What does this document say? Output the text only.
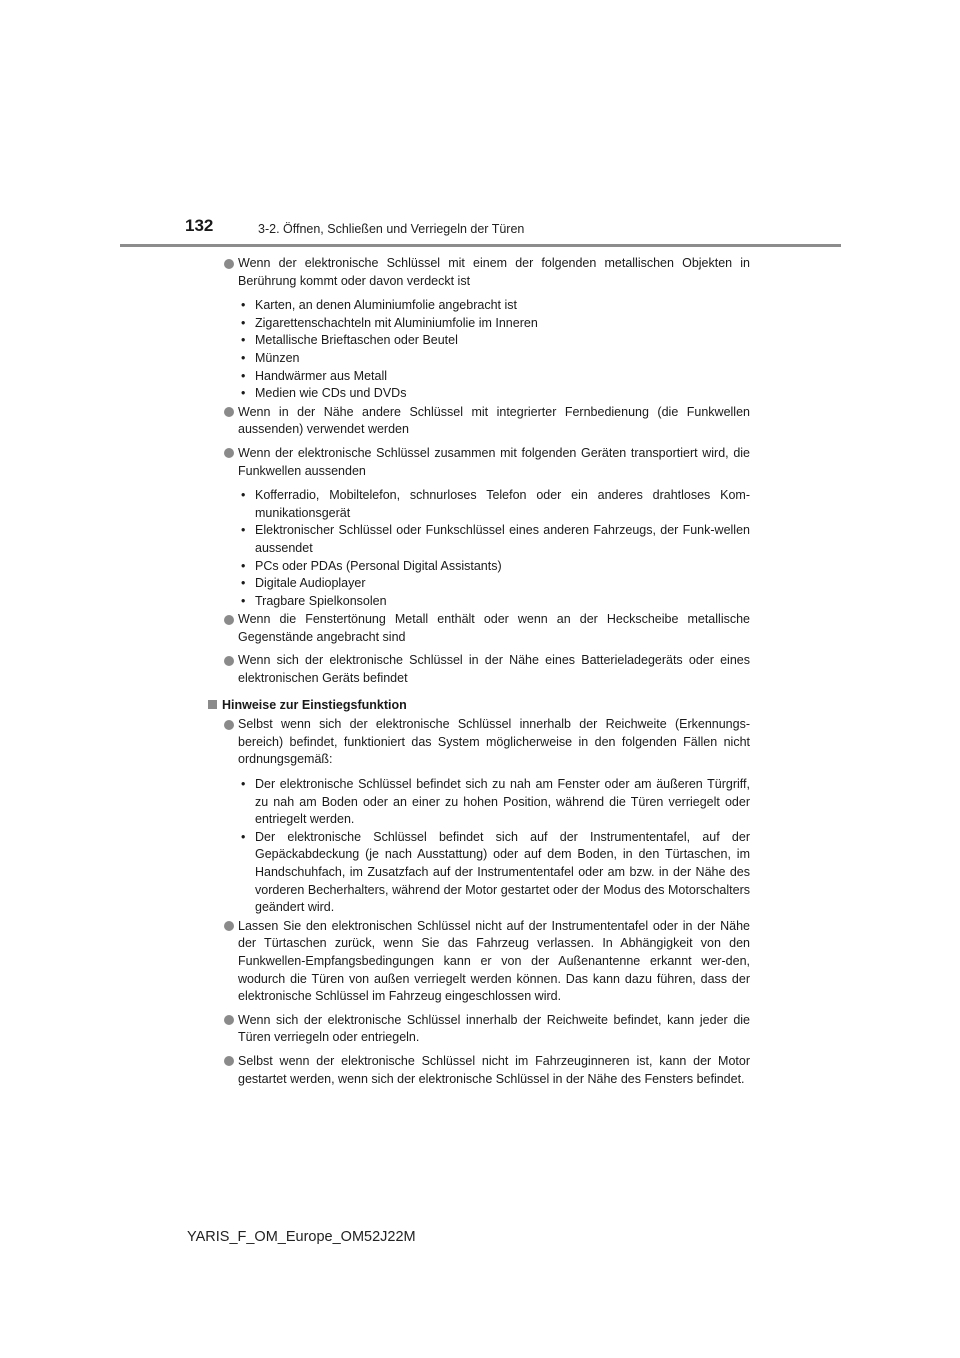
132	3-2. Öffnen, Schließen und Verriegeln der Türen

Wenn der elektronische Schlüssel mit einem der folgenden metallischen Objekten in Berührung kommt oder davon verdeckt ist

• Karten, an denen Aluminiumfolie angebracht ist
• Zigarettenschachteln mit Aluminiumfolie im Inneren
• Metallische Brieftaschen oder Beutel
• Münzen
• Handwärmer aus Metall
• Medien wie CDs und DVDs

Wenn in der Nähe andere Schlüssel mit integrierter Fernbedienung (die Funkwellen aussenden) verwendet werden

Wenn der elektronische Schlüssel zusammen mit folgenden Geräten transportiert wird, die Funkwellen aussenden

• Kofferradio, Mobiltelefon, schnurloses Telefon oder ein anderes drahtloses Kom-munikationsgerät
• Elektronischer Schlüssel oder Funkschlüssel eines anderen Fahrzeugs, der Funk-wellen aussendet
• PCs oder PDAs (Personal Digital Assistants)
• Digitale Audioplayer
• Tragbare Spielkonsolen

Wenn die Fenstertönung Metall enthält oder wenn an der Heckscheibe metallische Gegenstände angebracht sind

Wenn sich der elektronische Schlüssel in der Nähe eines Batterieladegeräts oder eines elektronischen Geräts befindet

Hinweise zur Einstiegsfunktion

Selbst wenn sich der elektronische Schlüssel innerhalb der Reichweite (Erkennungs-bereich) befindet, funktioniert das System möglicherweise in den folgenden Fällen nicht ordnungsgemäß:

• Der elektronische Schlüssel befindet sich zu nah am Fenster oder am äußeren Türgriff, zu nah am Boden oder an einer zu hohen Position, während die Türen verriegelt oder entriegelt werden.
• Der elektronische Schlüssel befindet sich auf der Instrumententafel, auf der Gepäckabdeckung (je nach Ausstattung) oder auf dem Boden, in den Türtaschen, im Handschuhfach, im Zusatzfach auf der Instrumententafel oder am bzw. in der Nähe des vorderen Becherhalters, während der Motor gestartet oder der Modus des Motorschalters geändert wird.

Lassen Sie den elektronischen Schlüssel nicht auf der Instrumententafel oder in der Nähe der Türtaschen zurück, wenn Sie das Fahrzeug verlassen. In Abhängigkeit von den Funkwellen-Empfangsbedingungen kann er von der Außenantenne erkannt wer-den, wodurch die Türen von außen verriegelt werden können. Das kann dazu führen, dass der elektronische Schlüssel im Fahrzeug eingeschlossen wird.

Wenn sich der elektronische Schlüssel innerhalb der Reichweite befindet, kann jeder die Türen verriegeln oder entriegeln.

Selbst wenn der elektronische Schlüssel nicht im Fahrzeuginneren ist, kann der Motor gestartet werden, wenn sich der elektronische Schlüssel in der Nähe des Fensters befindet.

YARIS_F_OM_Europe_OM52J22M
